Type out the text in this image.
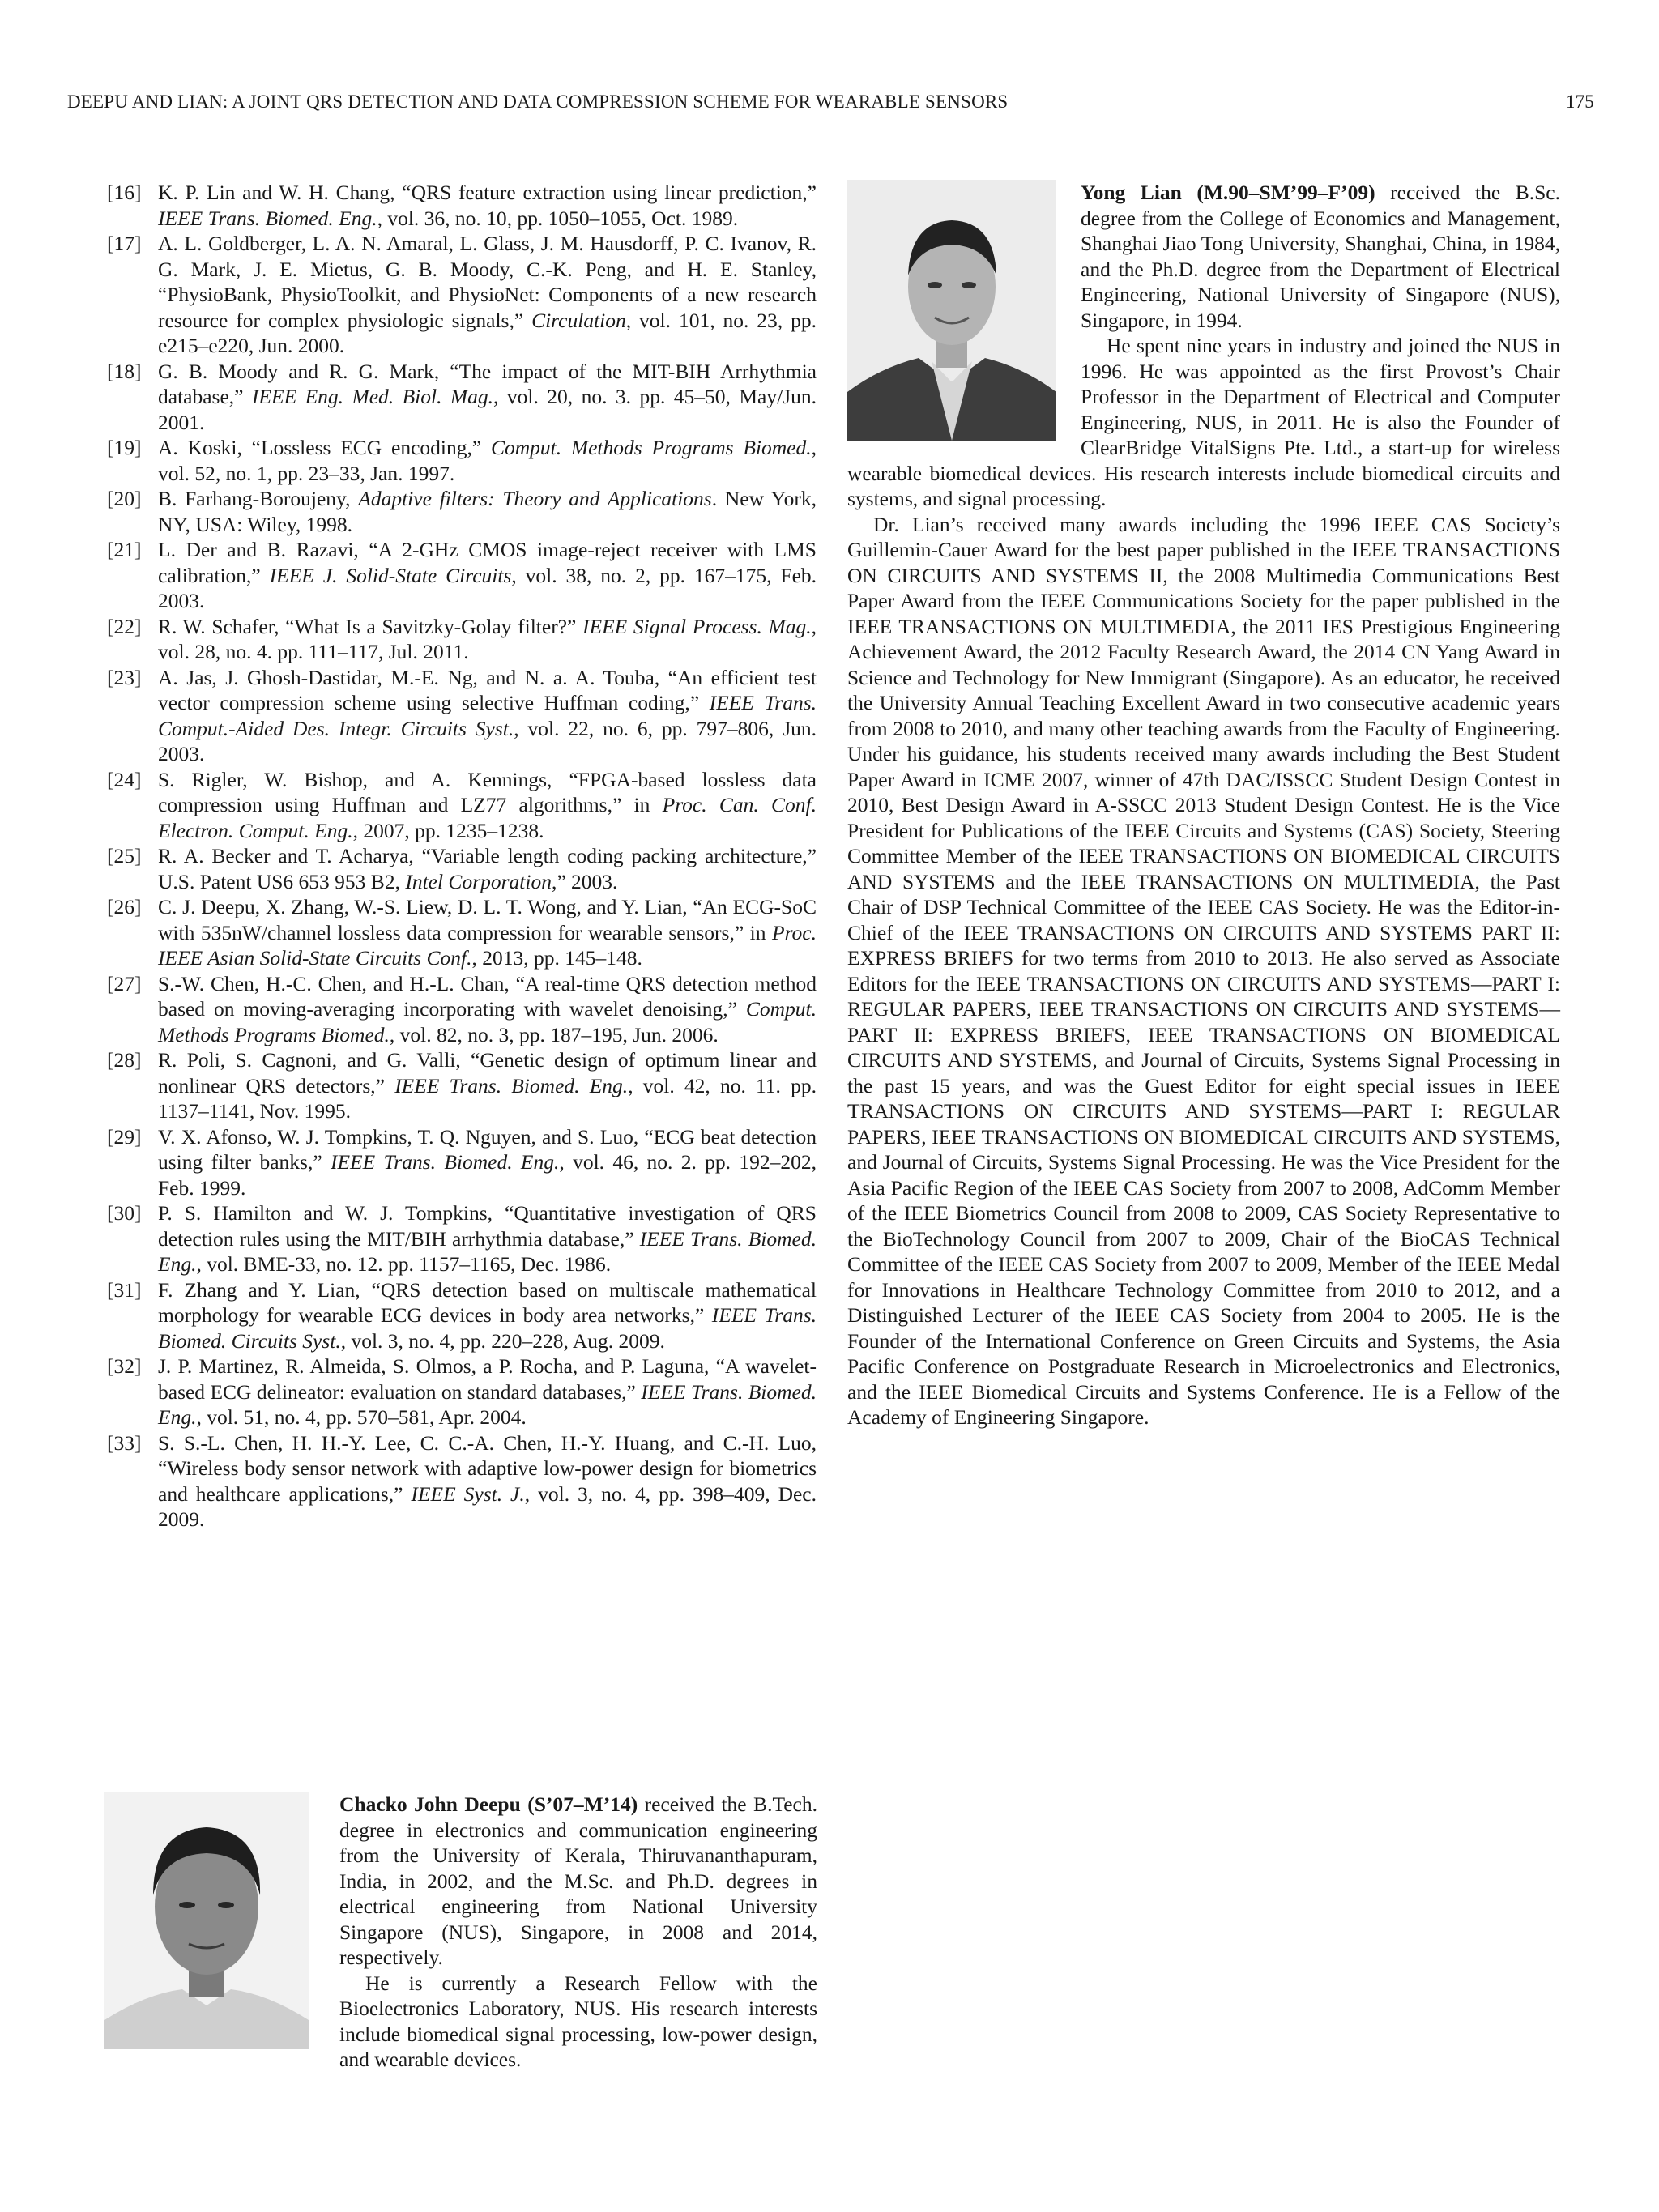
DEEPU AND LIAN: A JOINT QRS DETECTION AND DATA COMPRESSION SCHEME FOR WEARABLE SENSORS	175

[16] K. P. Lin and W. H. Chang, “QRS feature extraction using linear prediction,” IEEE Trans. Biomed. Eng., vol. 36, no. 10, pp. 1050–1055, Oct. 1989.

[17] A. L. Goldberger, L. A. N. Amaral, L. Glass, J. M. Hausdorff, P. C. Ivanov, R. G. Mark, J. E. Mietus, G. B. Moody, C.-K. Peng, and H. E. Stanley, “PhysioBank, PhysioToolkit, and PhysioNet: Components of a new research resource for complex physiologic signals,” Circulation, vol. 101, no. 23, pp. e215–e220, Jun. 2000.

[18] G. B. Moody and R. G. Mark, “The impact of the MIT-BIH Arrhythmia database,” IEEE Eng. Med. Biol. Mag., vol. 20, no. 3. pp. 45–50, May/Jun. 2001.

[19] A. Koski, “Lossless ECG encoding,” Comput. Methods Programs Biomed., vol. 52, no. 1, pp. 23–33, Jan. 1997.

[20] B. Farhang-Boroujeny, Adaptive filters: Theory and Applications. New York, NY, USA: Wiley, 1998.

[21] L. Der and B. Razavi, “A 2-GHz CMOS image-reject receiver with LMS calibration,” IEEE J. Solid-State Circuits, vol. 38, no. 2, pp. 167–175, Feb. 2003.

[22] R. W. Schafer, “What Is a Savitzky-Golay filter?” IEEE Signal Process. Mag., vol. 28, no. 4. pp. 111–117, Jul. 2011.

[23] A. Jas, J. Ghosh-Dastidar, M.-E. Ng, and N. a. A. Touba, “An efficient test vector compression scheme using selective Huffman coding,” IEEE Trans. Comput.-Aided Des. Integr. Circuits Syst., vol. 22, no. 6, pp. 797–806, Jun. 2003.

[24] S. Rigler, W. Bishop, and A. Kennings, “FPGA-based lossless data compression using Huffman and LZ77 algorithms,” in Proc. Can. Conf. Electron. Comput. Eng., 2007, pp. 1235–1238.

[25] R. A. Becker and T. Acharya, “Variable length coding packing architecture,” U.S. Patent US6 653 953 B2, Intel Corporation,” 2003.

[26] C. J. Deepu, X. Zhang, W.-S. Liew, D. L. T. Wong, and Y. Lian, “An ECG-SoC with 535nW/channel lossless data compression for wearable sensors,” in Proc. IEEE Asian Solid-State Circuits Conf., 2013, pp. 145–148.

[27] S.-W. Chen, H.-C. Chen, and H.-L. Chan, “A real-time QRS detection method based on moving-averaging incorporating with wavelet denoising,” Comput. Methods Programs Biomed., vol. 82, no. 3, pp. 187–195, Jun. 2006.

[28] R. Poli, S. Cagnoni, and G. Valli, “Genetic design of optimum linear and nonlinear QRS detectors,” IEEE Trans. Biomed. Eng., vol. 42, no. 11. pp. 1137–1141, Nov. 1995.

[29] V. X. Afonso, W. J. Tompkins, T. Q. Nguyen, and S. Luo, “ECG beat detection using filter banks,” IEEE Trans. Biomed. Eng., vol. 46, no. 2. pp. 192–202, Feb. 1999.

[30] P. S. Hamilton and W. J. Tompkins, “Quantitative investigation of QRS detection rules using the MIT/BIH arrhythmia database,” IEEE Trans. Biomed. Eng., vol. BME-33, no. 12. pp. 1157–1165, Dec. 1986.

[31] F. Zhang and Y. Lian, “QRS detection based on multiscale mathematical morphology for wearable ECG devices in body area networks,” IEEE Trans. Biomed. Circuits Syst., vol. 3, no. 4, pp. 220–228, Aug. 2009.

[32] J. P. Martinez, R. Almeida, S. Olmos, a P. Rocha, and P. Laguna, “A wavelet-based ECG delineator: evaluation on standard databases,” IEEE Trans. Biomed. Eng., vol. 51, no. 4, pp. 570–581, Apr. 2004.

[33] S. S.-L. Chen, H. H.-Y. Lee, C. C.-A. Chen, H.-Y. Huang, and C.-H. Luo, “Wireless body sensor network with adaptive low-power design for biometrics and healthcare applications,” IEEE Syst. J., vol. 3, no. 4, pp. 398–409, Dec. 2009.

Yong Lian (M.90–SM’99–F’09) received the B.Sc. degree from the College of Economics and Management, Shanghai Jiao Tong University, Shanghai, China, in 1984, and the Ph.D. degree from the Department of Electrical Engineering, National University of Singapore (NUS), Singapore, in 1994.

He spent nine years in industry and joined the NUS in 1996. He was appointed as the first Provost’s Chair Professor in the Department of Electrical and Computer Engineering, NUS, in 2011. He is also the Founder of ClearBridge VitalSigns Pte. Ltd., a start-up for wireless wearable biomedical devices. His research interests include biomedical circuits and systems, and signal processing.

Dr. Lian’s received many awards including the 1996 IEEE CAS Society’s Guillemin-Cauer Award for the best paper published in the IEEE TRANSACTIONS ON CIRCUITS AND SYSTEMS II, the 2008 Multimedia Communications Best Paper Award from the IEEE Communications Society for the paper published in the IEEE TRANSACTIONS ON MULTIMEDIA, the 2011 IES Prestigious Engineering Achievement Award, the 2012 Faculty Research Award, the 2014 CN Yang Award in Science and Technology for New Immigrant (Singapore). As an educator, he received the University Annual Teaching Excellent Award in two consecutive academic years from 2008 to 2010, and many other teaching awards from the Faculty of Engineering. Under his guidance, his students received many awards including the Best Student Paper Award in ICME 2007, winner of 47th DAC/ISSCC Student Design Contest in 2010, Best Design Award in A-SSCC 2013 Student Design Contest. He is the Vice President for Publications of the IEEE Circuits and Systems (CAS) Society, Steering Committee Member of the IEEE TRANSACTIONS ON BIOMEDICAL CIRCUITS AND SYSTEMS and the IEEE TRANSACTIONS ON MULTIMEDIA, the Past Chair of DSP Technical Committee of the IEEE CAS Society. He was the Editor-in-Chief of the IEEE TRANSACTIONS ON CIRCUITS AND SYSTEMS PART II: EXPRESS BRIEFS for two terms from 2010 to 2013. He also served as Associate Editors for the IEEE TRANSACTIONS ON CIRCUITS AND SYSTEMS—PART I: REGULAR PAPERS, IEEE TRANSACTIONS ON CIRCUITS AND SYSTEMS—PART II: EXPRESS BRIEFS, IEEE TRANSACTIONS ON BIOMEDICAL CIRCUITS AND SYSTEMS, and Journal of Circuits, Systems Signal Processing in the past 15 years, and was the Guest Editor for eight special issues in IEEE TRANSACTIONS ON CIRCUITS AND SYSTEMS—PART I: REGULAR PAPERS, IEEE TRANSACTIONS ON BIOMEDICAL CIRCUITS AND SYSTEMS, and Journal of Circuits, Systems Signal Processing. He was the Vice President for the Asia Pacific Region of the IEEE CAS Society from 2007 to 2008, AdComm Member of the IEEE Biometrics Council from 2008 to 2009, CAS Society Representative to the BioTechnology Council from 2007 to 2009, Chair of the BioCAS Technical Committee of the IEEE CAS Society from 2007 to 2009, Member of the IEEE Medal for Innovations in Healthcare Technology Committee from 2010 to 2012, and a Distinguished Lecturer of the IEEE CAS Society from 2004 to 2005. He is the Founder of the International Conference on Green Circuits and Systems, the Asia Pacific Conference on Postgraduate Research in Microelectronics and Electronics, and the IEEE Biomedical Circuits and Systems Conference. He is a Fellow of the Academy of Engineering Singapore.

Chacko John Deepu (S’07–M’14) received the B.Tech. degree in electronics and communication engineering from the University of Kerala, Thiruvananthapuram, India, in 2002, and the M.Sc. and Ph.D. degrees in electrical engineering from National University Singapore (NUS), Singapore, in 2008 and 2014, respectively.

He is currently a Research Fellow with the Bioelectronics Laboratory, NUS. His research interests include biomedical signal processing, low-power design, and wearable devices.
